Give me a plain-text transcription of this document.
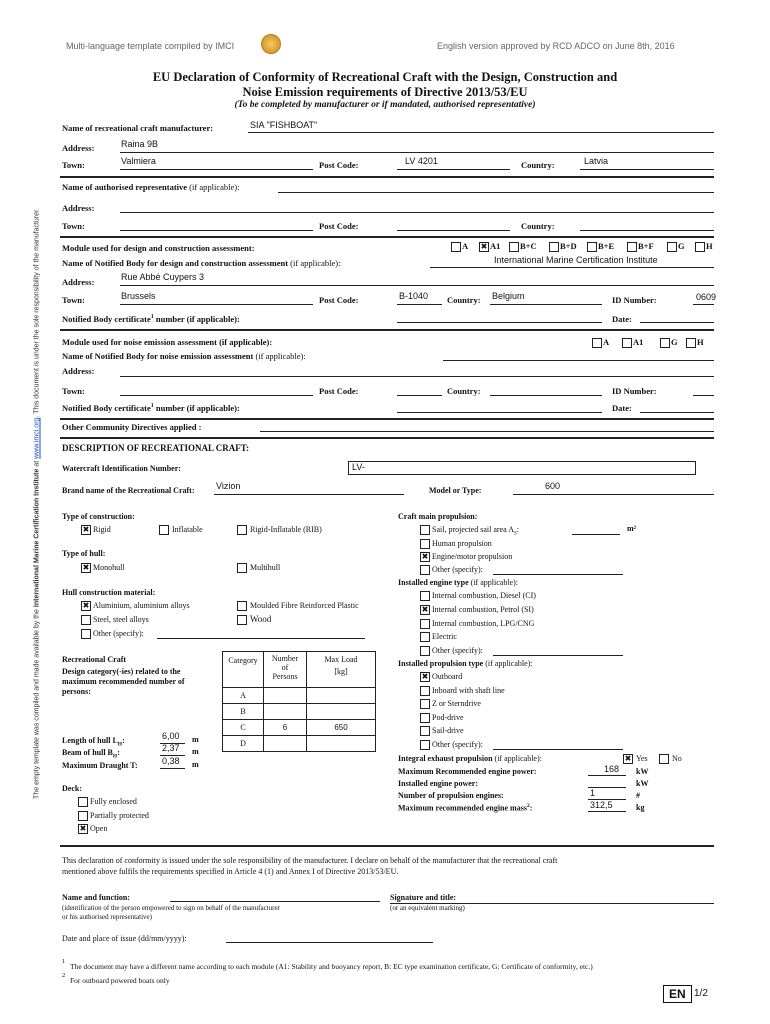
Multi-language template compiled by IMCI	English version approved by RCD ADCO on June 8th, 2016
EU Declaration of Conformity of Recreational Craft with the Design, Construction and
Noise Emission requirements of Directive 2013/53/EU
(To be completed by manufacturer or if mandated, authorised representative)
The empty template was compiled and made available by the International Marine Certification Institute at www.imci.org. This document is under the sole responsibility of the manufacturer.
Name of recreational craft manufacturer:	SIA "FISHBOAT"
Address:	Raina 9B
Town:	Valmiera	Post Code:	LV 4201	Country:	Latvia
Name of authorised representative (if applicable):
Address:
Town:	Post Code:	Country:
Module used for design and construction assessment:	A ✖ A1 B+C	B+D	B+E	B+F	G	H
Name of Notified Body for design and construction assessment (if applicable):	International Marine Certification Institute
Address:	Rue Abbé Cuypers 3
Town:	Brussels	Post Code:	B-1040 Country: Belgium	ID Number:	0609
Notified Body certificate$^1$ number (if applicable):	Date:
Module used for noise emission assessment (if applicable):	A	A1	G H
Name of Notified Body for noise emission assessment (if applicable):
Address:
Town:	Post Code:	Country:	ID Number:
Notified Body certificate$^1$ number (if applicable):	Date:
Other Community Directives applied :
DESCRIPTION OF RECREATIONAL CRAFT:
Watercraft Identification Number:	LV-
Brand name of the Recreational Craft: Vizion	Model or Type:	600
Type of construction:
✖ Rigid	Inflatable	Rigid-Inflatable (RIB)
Type of hull:
✖ Monohull	Multihull
Hull construction material:
✖ Aluminium, aluminium alloys	Moulded Fibre Reinforced Plastic
Steel, steel alloys	Wood
Other (specify):
Recreational Craft
Design category(-ies) related to the
maximum recommended number of
persons:
Category	Number
of
Persons	Max Load
[kg]
A		
B		
C	6	650
D		
Length of hull $L_H$:	6,00 m
Beam of hull $B_H$:	2,37 m
Maximum Draught T:	0,38 m
Deck:
Fully enclosed
Partially protected
✖ Open
Craft main propulsion:
Sail, projected sail area $A_S$:	m²
Human propulsion
✖ Engine/motor propulsion
Other (specify):
Installed engine type (if applicable):
Internal combustion, Diesel (CI)
✖ Internal combustion, Petrol (SI)
Internal combustion, LPG/CNG
Electric
Other (specify):
Installed propulsion type (if applicable):
✖ Outboard
Inboard with shaft line
Z or Sterndrive
Pod-drive
Sail-drive
Other (specify):
Integral exhaust propulsion (if applicable):	✖ Yes	No
Maximum Recommended engine power:	168 kW
Installed engine power:	kW
Number of propulsion engines:	1	#
Maximum recommended engine mass$^2$:	312,5	kg
This declaration of conformity is issued under the sole responsibility of the manufacturer. I declare on behalf of the manufacturer that the recreational craft
mentioned above fulfils the requirements specified in Article 4 (1) and Annex I of Directive 2013/53/EU.
Name and function:
(identification of the person empowered to sign on behalf of the manufacturer
or his authorised representative)
Signature and title:
(or an equivalent marking)
Date and place of issue (dd/mm/yyyy):
1
The document may have a different name according to each module (A1: Stability and buoyancy report, B: EC type examination certificate, G: Certificate of conformity, etc.)
2
For outboard powered boats only
EN 1/2
